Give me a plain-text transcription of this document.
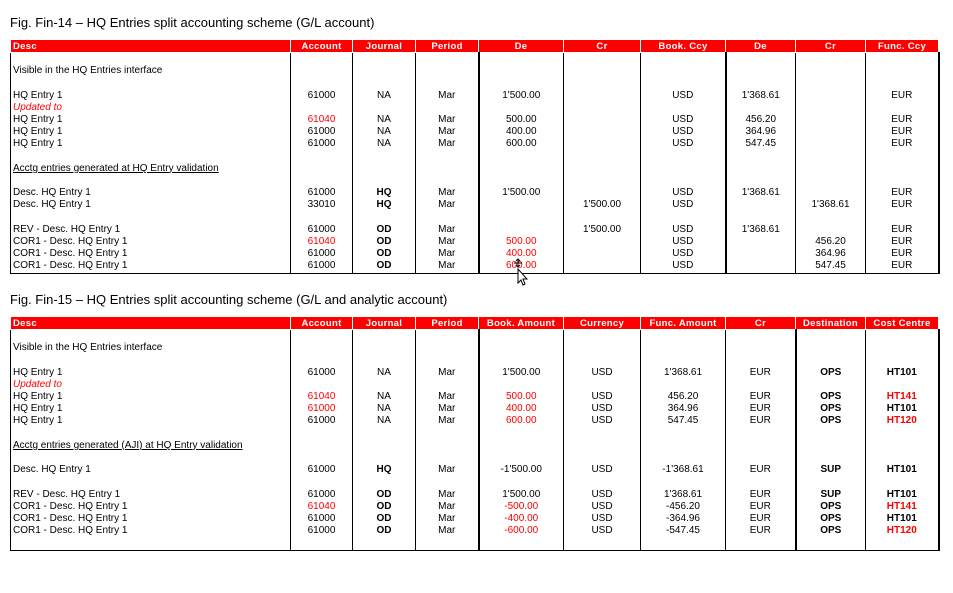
Fig. Fin-14 – HQ Entries split accounting scheme (G/L account)
Desc	Account	Journal	Period	De	Cr	Book. Ccy	De	Cr	Func. Ccy

Visible in the HQ Entries interface									

HQ Entry 1	61000	NA	Mar	1'500.00		USD	1'368.61		EUR
Updated to									
HQ Entry 1	61040	NA	Mar	500.00		USD	456.20		EUR
HQ Entry 1	61000	NA	Mar	400.00		USD	364.96		EUR
HQ Entry 1	61000	NA	Mar	600.00		USD	547.45		EUR

Acctg entries generated at HQ Entry validation									

Desc. HQ Entry 1	61000	HQ	Mar	1'500.00		USD	1'368.61		EUR
Desc. HQ Entry 1	33010	HQ	Mar		1'500.00	USD		1'368.61	EUR

REV - Desc. HQ Entry 1	61000	OD	Mar		1'500.00	USD	1'368.61		EUR
COR1 - Desc. HQ Entry 1	61040	OD	Mar	500.00		USD		456.20	EUR
COR1 - Desc. HQ Entry 1	61000	OD	Mar	400.00		USD		364.96	EUR
COR1 - Desc. HQ Entry 1	61000	OD	Mar	600.00		USD		547.45	EUR
Fig. Fin-15 – HQ Entries split accounting scheme (G/L and analytic account)
Desc	Account	Journal	Period	Book. Amount	Currency	Func. Amount	Cr	Destination	Cost Centre

Visible in the HQ Entries interface									

HQ Entry 1	61000	NA	Mar	1'500.00	USD	1'368.61	EUR	OPS	HT101
Updated to									
HQ Entry 1	61040	NA	Mar	500.00	USD	456.20	EUR	OPS	HT141
HQ Entry 1	61000	NA	Mar	400.00	USD	364.96	EUR	OPS	HT101
HQ Entry 1	61000	NA	Mar	600.00	USD	547.45	EUR	OPS	HT120

Acctg entries generated (AJI) at HQ Entry validation									

Desc. HQ Entry 1	61000	HQ	Mar	-1'500.00	USD	-1'368.61	EUR	SUP	HT101

REV - Desc. HQ Entry 1	61000	OD	Mar	1'500.00	USD	1'368.61	EUR	SUP	HT101
COR1 - Desc. HQ Entry 1	61040	OD	Mar	-500.00	USD	-456.20	EUR	OPS	HT141
COR1 - Desc. HQ Entry 1	61000	OD	Mar	-400.00	USD	-364.96	EUR	OPS	HT101
COR1 - Desc. HQ Entry 1	61000	OD	Mar	-600.00	USD	-547.45	EUR	OPS	HT120
